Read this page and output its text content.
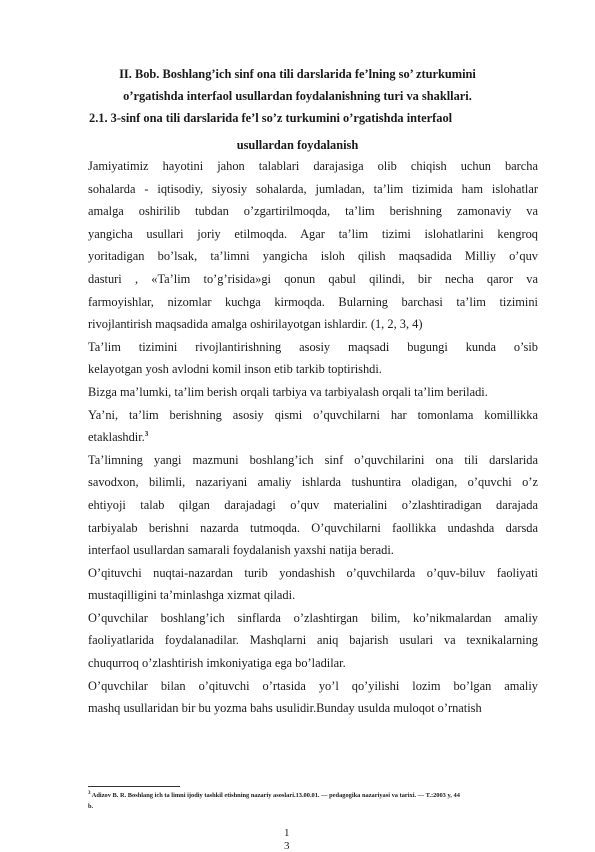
II. Bob. Boshlang’ich sinf ona tili darslarida fe’lning so’ zturkumini
o’rgatishda interfaol usullardan foydalanishning turi va shakllari.
2.1. 3-sinf ona tili darslarida fe’l so’z turkumini o’rgatishda interfaol
usullardan foydalanish

Jamiyatimiz hayotini jahon talablari darajasiga olib chiqish uchun barcha

sohalarda - iqtisodiy, siyosiy sohalarda, jumladan, ta’lim tizimida ham islohatlar

amalga oshirilib tubdan o’zgartirilmoqda, ta’lim berishning zamonaviy va

yangicha usullari joriy etilmoqda. Agar ta’lim tizimi islohatlarini kengroq

yoritadigan bo’lsak, ta’limni yangicha isloh qilish maqsadida Milliy o’quv

dasturi , «Ta’lim to’g’risida»gi qonun qabul qilindi, bir necha qaror va

farmoyishlar, nizomlar kuchga kirmoqda. Bularning barchasi ta’lim tizimini

rivojlantirish maqsadida amalga oshirilayotgan ishlardir. (1, 2, 3, 4)

Ta’lim tizimini rivojlantirishning asosiy maqsadi bugungi kunda o’sib

kelayotgan yosh avlodni komil inson etib tarkib toptirishdi.

Bizga ma’lumki, ta’lim berish orqali tarbiya va tarbiyalash orqali ta’lim beriladi.

Ya’ni, ta’lim berishning asosiy qismi o’quvchilarni har tomonlama komillikka

etaklashdir.$^3$

Ta’limning yangi mazmuni boshlang’ich sinf o’quvchilarini ona tili darslarida

savodxon, bilimli, nazariyani amaliy ishlarda tushuntira oladigan, o’quvchi o’z

ehtiyoji talab qilgan darajadagi o’quv materialini o’zlashtiradigan darajada

tarbiyalab berishni nazarda tutmoqda. O’quvchilarni faollikka undashda darsda

interfaol usullardan samarali foydalanish yaxshi natija beradi.

O’qituvchi nuqtai-nazardan turib yondashish o’quvchilarda o’quv-biluv faoliyati

mustaqilligini ta’minlashga xizmat qiladi.

O’quvchilar boshlang’ich sinflarda o’zlashtirgan bilim, ko’nikmalardan amaliy

faoliyatlarida foydalanadilar. Mashqlarni aniq bajarish usulari va texnikalarning

chuqurroq o’zlashtirish imkoniyatiga ega bo’ladilar.

O’quvchilar bilan o’qituvchi o’rtasida yo’l qo’yilishi lozim bo’lgan amaliy

mashq usullaridan bir bu yozma bahs usulidir.Bunday usulda muloqot o’rnatish

$^3$ Adizov B. R. Boshlang ich ta limni ijodiy tashkil etishning nazariy asoslari.13.00.01. — pedagogika nazariyasi va tarixi. — T.:2003 y, 44
b.
1
3
